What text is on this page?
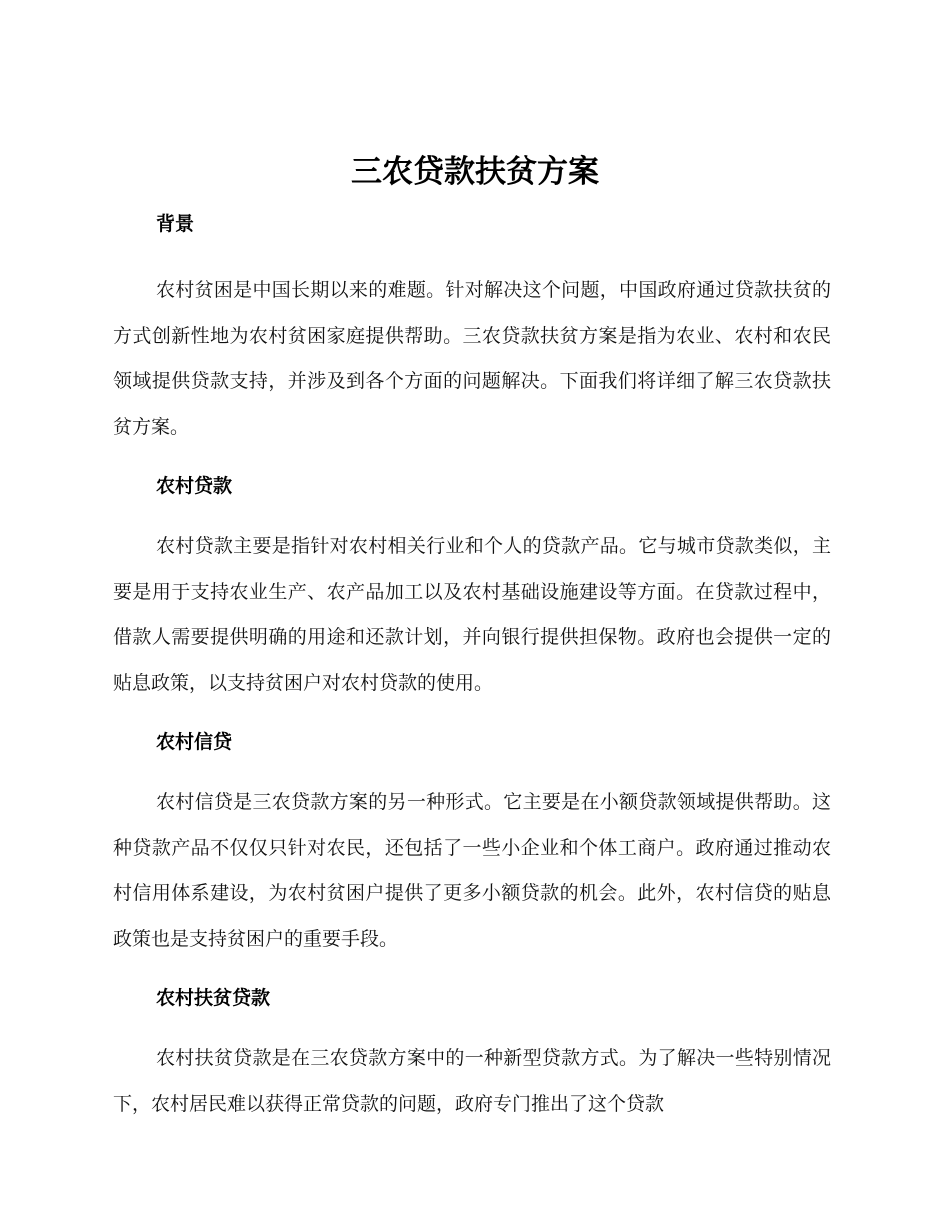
三农贷款扶贫方案
背景

农村贫困是中国长期以来的难题。针对解决这个问题，中国政府通过贷款扶贫的方式创新性地为农村贫困家庭提供帮助。三农贷款扶贫方案是指为农业、农村和农民领域提供贷款支持，并涉及到各个方面的问题解决。下面我们将详细了解三农贷款扶贫方案。

农村贷款

农村贷款主要是指针对农村相关行业和个人的贷款产品。它与城市贷款类似，主要是用于支持农业生产、农产品加工以及农村基础设施建设等方面。在贷款过程中，借款人需要提供明确的用途和还款计划，并向银行提供担保物。政府也会提供一定的贴息政策，以支持贫困户对农村贷款的使用。

农村信贷

农村信贷是三农贷款方案的另一种形式。它主要是在小额贷款领域提供帮助。这种贷款产品不仅仅只针对农民，还包括了一些小企业和个体工商户。政府通过推动农村信用体系建设，为农村贫困户提供了更多小额贷款的机会。此外，农村信贷的贴息政策也是支持贫困户的重要手段。

农村扶贫贷款

农村扶贫贷款是在三农贷款方案中的一种新型贷款方式。为了解决一些特别情况下，农村居民难以获得正常贷款的问题，政府专门推出了这个贷款
